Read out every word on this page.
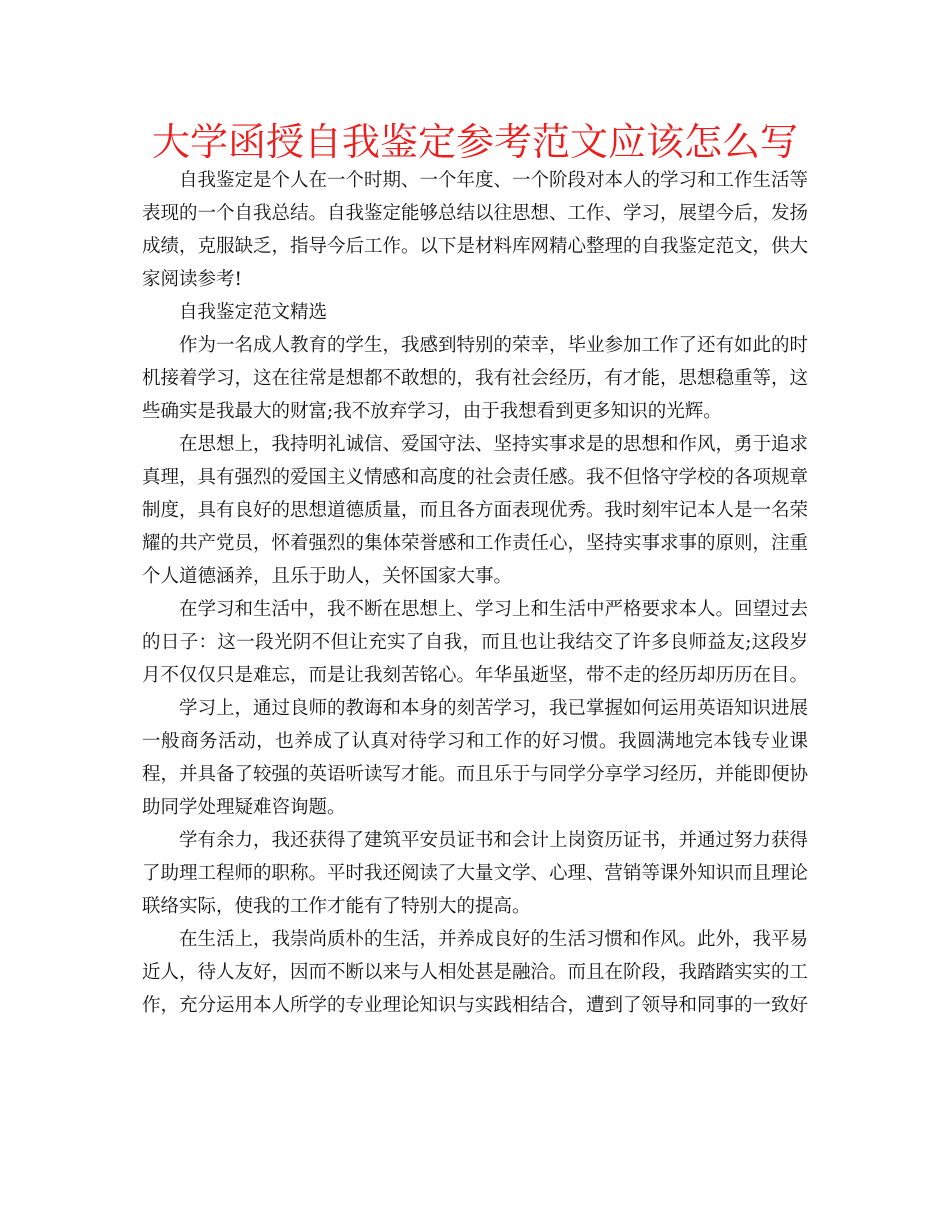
大学函授自我鉴定参考范文应该怎么写

自我鉴定是个人在一个时期、一个年度、一个阶段对本人的学习和工作生活等表现的一个自我总结。自我鉴定能够总结以往思想、工作、学习，展望今后，发扬成绩，克服缺乏，指导今后工作。以下是材料库网精心整理的自我鉴定范文，供大家阅读参考!

自我鉴定范文精选

作为一名成人教育的学生，我感到特别的荣幸，毕业参加工作了还有如此的时机接着学习，这在往常是想都不敢想的，我有社会经历，有才能，思想稳重等，这些确实是我最大的财富;我不放弃学习，由于我想看到更多知识的光辉。

在思想上，我持明礼诚信、爱国守法、坚持实事求是的思想和作风，勇于追求真理，具有强烈的爱国主义情感和高度的社会责任感。我不但恪守学校的各项规章制度，具有良好的思想道德质量，而且各方面表现优秀。我时刻牢记本人是一名荣耀的共产党员，怀着强烈的集体荣誉感和工作责任心，坚持实事求事的原则，注重个人道德涵养，且乐于助人，关怀国家大事。

在学习和生活中，我不断在思想上、学习上和生活中严格要求本人。回望过去的日子：这一段光阴不但让充实了自我，而且也让我结交了许多良师益友;这段岁月不仅仅只是难忘，而是让我刻苦铭心。年华虽逝坚，带不走的经历却历历在目。

学习上，通过良师的教诲和本身的刻苦学习，我已掌握如何运用英语知识进展一般商务活动，也养成了认真对待学习和工作的好习惯。我圆满地完本钱专业课程，并具备了较强的英语听读写才能。而且乐于与同学分享学习经历，并能即便协助同学处理疑难咨询题。

学有余力，我还获得了建筑平安员证书和会计上岗资历证书，并通过努力获得了助理工程师的职称。平时我还阅读了大量文学、心理、营销等课外知识而且理论联络实际，使我的工作才能有了特别大的提高。

在生活上，我崇尚质朴的生活，并养成良好的生活习惯和作风。此外，我平易近人，待人友好，因而不断以来与人相处甚是融洽。而且在阶段，我踏踏实实的工作，充分运用本人所学的专业理论知识与实践相结合，遭到了领导和同事的一致好
